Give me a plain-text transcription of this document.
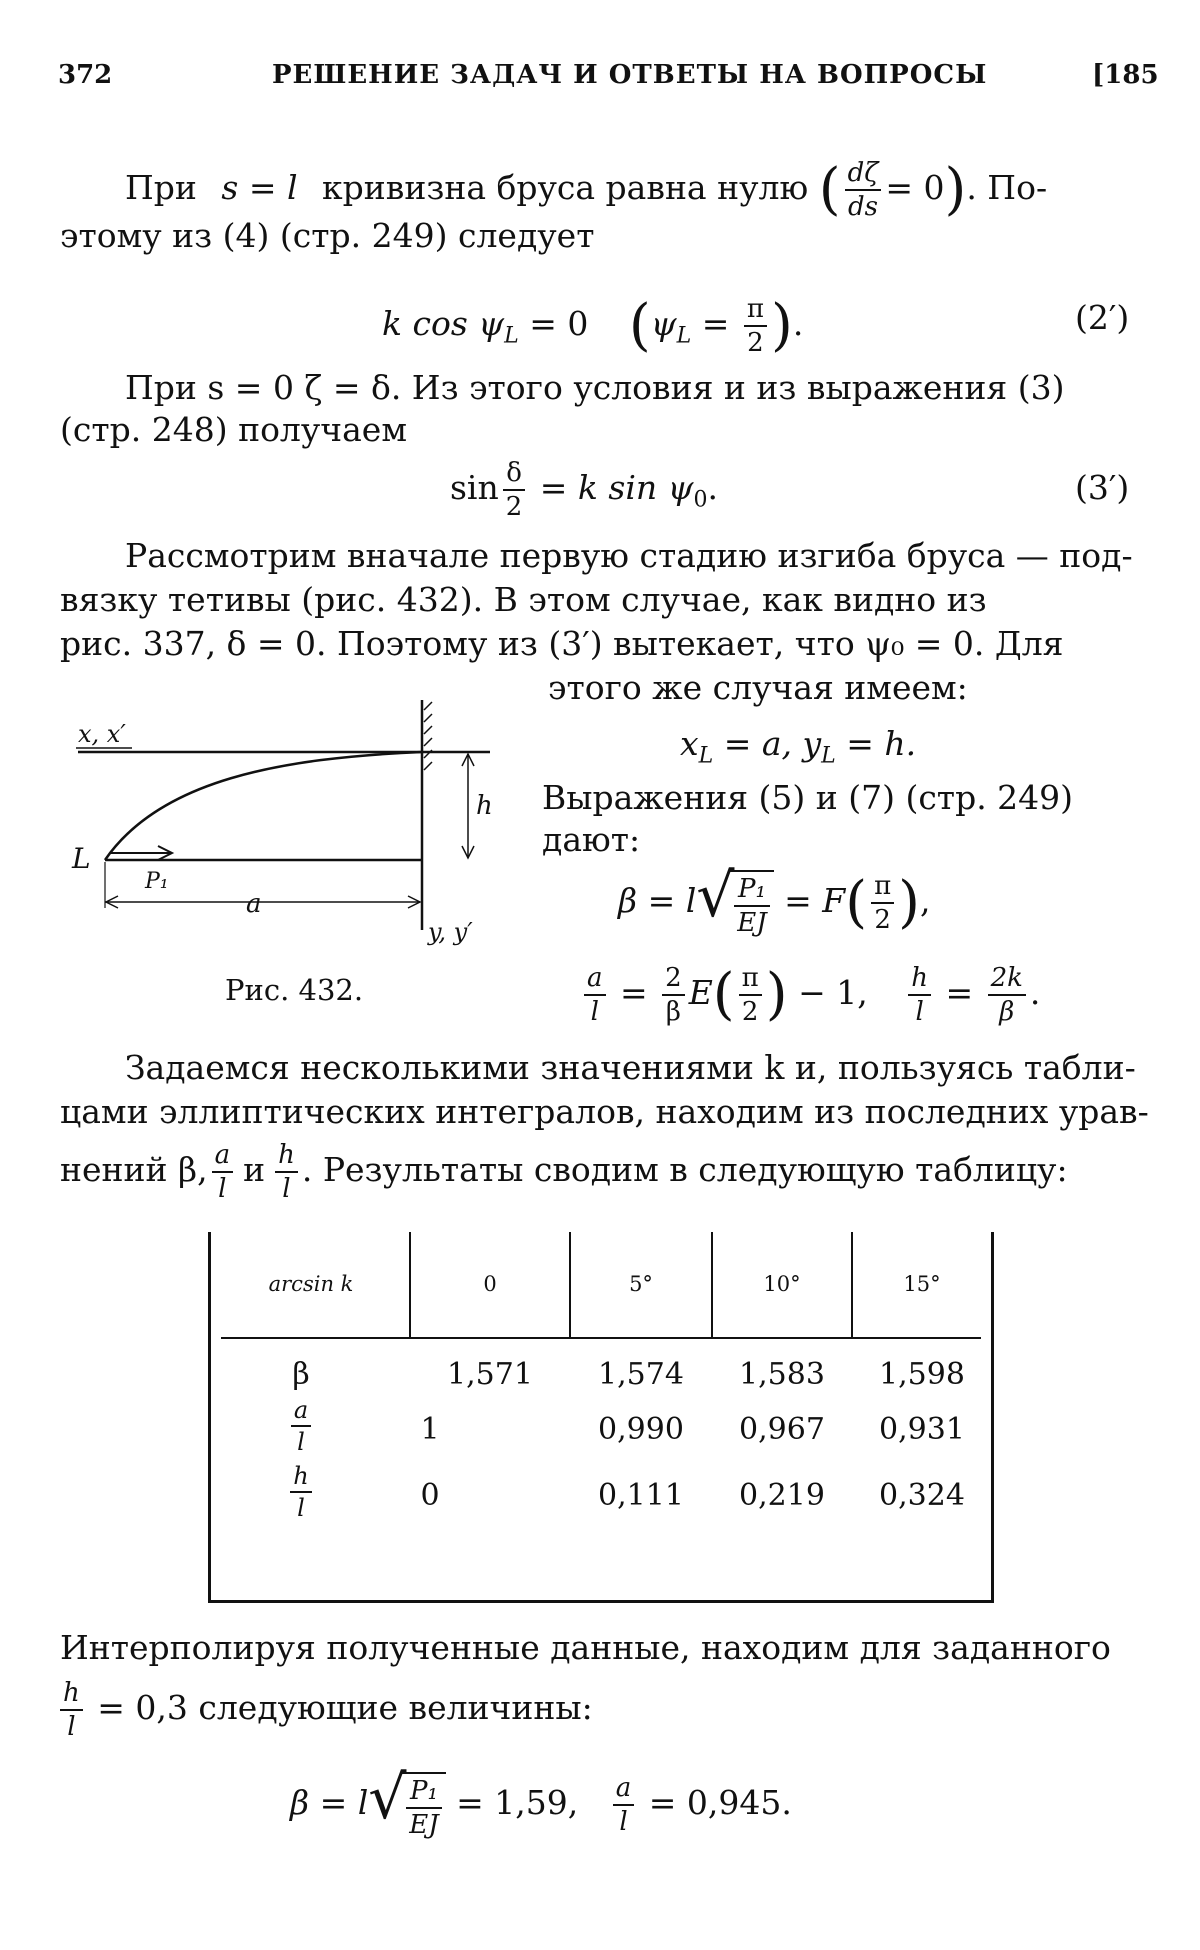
372	РЕШЕНИЕ ЗАДАЧ И ОТВЕТЫ НА ВОПРОСЫ	[185
При s = l кривизна бруса равна нулю ( $\frac{d\zeta}{ds} = 0$). По-
этому из (4) (стр. 249) следует
k $\cos \psi_L = 0$ ($\psi_L = \frac{\pi}{2}$ ).	(2′)
При s = 0 ζ = δ. Из этого условия и из выражения (3)
(стр. 248) получаем
$\sin \frac{\delta}{2} = k$ $\sin \psi_0$.	(3′)
Рассмотрим вначале первую стадию изгиба бруса — под-
вязку тетивы (рис. 432). В этом случае, как видно из
рис. 337, δ = 0. Поэтому из (3′) вытекает, что ψ₀ = 0. Для
этого же случая имеем:
x, x′
h
L
P₁
a
y, y′
Рис. 432.
$x_L = a$, $y_L = h$.
Выражения (5) и (7) (стр. 249)
дают:
β = l √ $\frac{\text{P₁}}{EJ} = F( \frac{\pi}{2}$ ),
$\frac{a}{l} = \frac{2}{\beta} E( \frac{\pi}{2}$ ) − 1, $\frac{h}{l} = \frac{2k}{\beta}$ .
Задаемся несколькими значениями k и, пользуясь табли-
цами эллиптических интегралов, находим из последних урав-
нений β, $\frac{a}{l}$ и $\frac{h}{l}$ . Результаты сводим в следующую таблицу:
arcsin k	0	5°	10°	15°
β	1,571	1,574	1,583	1,598
$\frac{a}{l}$	1	0,990	0,967	0,931
$\frac{h}{l}$	0	0,111	0,219	0,324
Интерполируя полученные данные, находим для заданного
$\frac{h}{l} = 0,3$ следующие величины:
β = l √ $\frac{\text{P₁}}{EJ} = 1,59$, $\frac{a}{l} = 0,945$.
